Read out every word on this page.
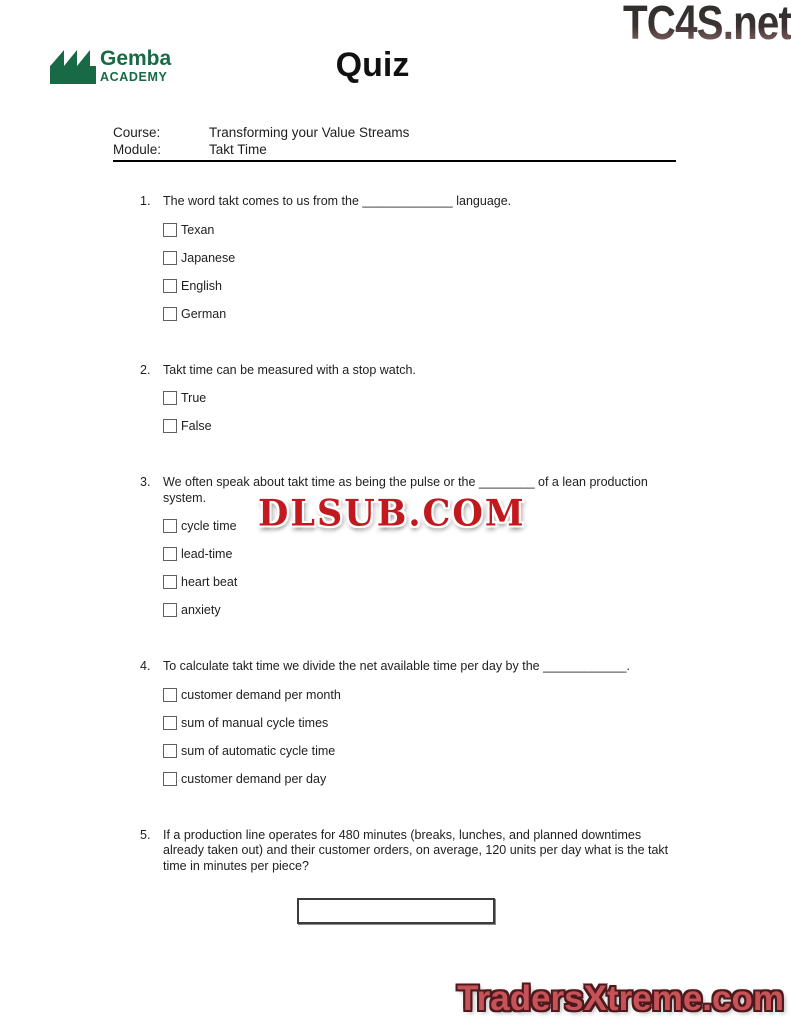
TC4S.net
Gemba
ACADEMY	Quiz
Course:	Transforming your Value Streams
Module:	Takt Time
1. The word takt comes to us from the _____________ language.
Texan
Japanese
English
German
2. Takt time can be measured with a stop watch.
True
False
3. We often speak about takt time as being the pulse or the ________ of a lean production system.
cycle time
lead-time
heart beat
anxiety
4. To calculate takt time we divide the net available time per day by the ____________.
customer demand per month
sum of manual cycle times
sum of automatic cycle time
customer demand per day
5. If a production line operates for 480 minutes (breaks, lunches, and planned downtimes already taken out) and their customer orders, on average, 120 units per day what is the takt time in minutes per piece?
DLSUB.COM
TradersXtreme.com
